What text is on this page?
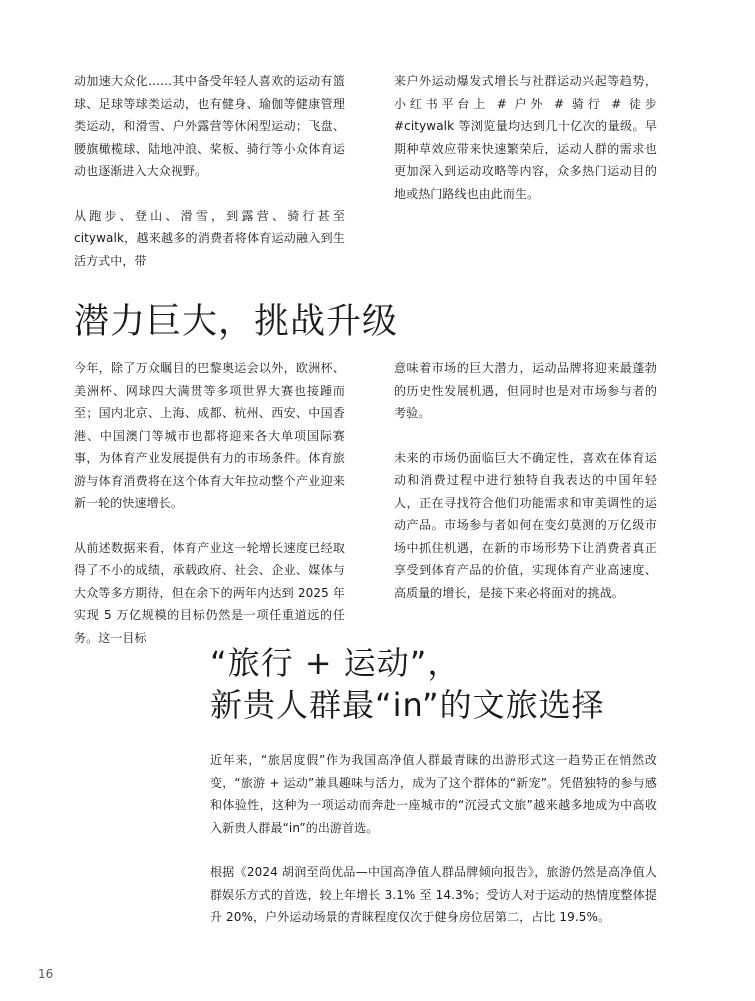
动加速大众化……其中备受年轻人喜欢的运动有篮球、足球等球类运动，也有健身、瑜伽等健康管理类运动，和滑雪、户外露营等休闲型运动；飞盘、腰旗橄榄球、陆地冲浪、桨板、骑行等小众体育运动也逐渐进入大众视野。

从跑步、登山、滑雪，到露营、骑行甚至 citywalk，越来越多的消费者将体育运动融入到生活方式中，带

来户外运动爆发式增长与社群运动兴起等趋势，小红书平台上 # 户外 # 骑行 # 徒步 #citywalk 等浏览量均达到几十亿次的量级。早期种草效应带来快速繁荣后，运动人群的需求也更加深入到运动攻略等内容，众多热门运动目的地或热门路线也由此而生。

潜力巨大，挑战升级

今年，除了万众瞩目的巴黎奥运会以外，欧洲杯、美洲杯、网球四大满贯等多项世界大赛也接踵而至；国内北京、上海、成都、杭州、西安、中国香港、中国澳门等城市也都将迎来各大单项国际赛事，为体育产业发展提供有力的市场条件。体育旅游与体育消费将在这个体育大年拉动整个产业迎来新一轮的快速增长。

从前述数据来看，体育产业这一轮增长速度已经取得了不小的成绩，承载政府、社会、企业、媒体与大众等多方期待，但在余下的两年内达到 2025 年实现 5 万亿规模的目标仍然是一项任重道远的任务。这一目标

意味着市场的巨大潜力，运动品牌将迎来最蓬勃的历史性发展机遇，但同时也是对市场参与者的考验。

未来的市场仍面临巨大不确定性，喜欢在体育运动和消费过程中进行独特自我表达的中国年轻人，正在寻找符合他们功能需求和审美调性的运动产品。市场参与者如何在变幻莫测的万亿级市场中抓住机遇，在新的市场形势下让消费者真正享受到体育产品的价值，实现体育产业高速度、高质量的增长，是接下来必将面对的挑战。

“旅行 + 运动”，
新贵人群最“in”的文旅选择

近年来，“旅居度假”作为我国高净值人群最青睐的出游形式这一趋势正在悄然改变，“旅游 + 运动”兼具趣味与活力，成为了这个群体的“新宠”。凭借独特的参与感和体验性，这种为一项运动而奔赴一座城市的“沉浸式文旅”越来越多地成为中高收入新贵人群最“in”的出游首选。

根据《2024 胡润至尚优品—中国高净值人群品牌倾向报告》，旅游仍然是高净值人群娱乐方式的首选，较上年增长 3.1% 至 14.3%；受访人对于运动的热情度整体提升 20%，户外运动场景的青睐程度仅次于健身房位居第二，占比 19.5%。

16
